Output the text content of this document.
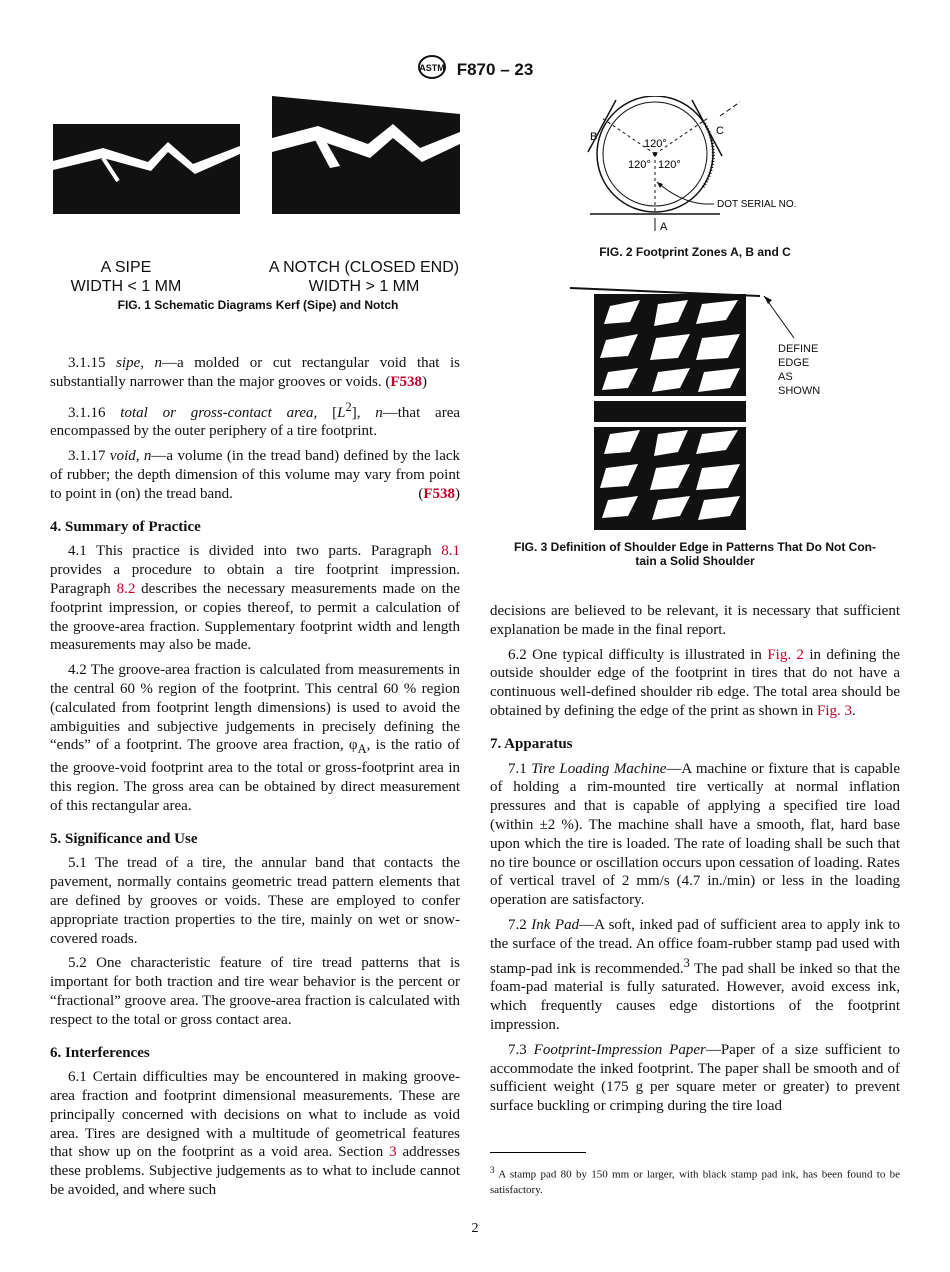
ASTM F870 – 23
A SIPE
WIDTH < 1 MM
A NOTCH (CLOSED END)
WIDTH > 1 MM
FIG. 1 Schematic Diagrams Kerf (Sipe) and Notch
B	C
A
120°
120° 120°
DOT SERIAL NO.
FIG. 2 Footprint Zones A, B and C
DEFINE
EDGE
AS
SHOWN
FIG. 3 Definition of Shoulder Edge in Patterns That Do Not Con-
tain a Solid Shoulder

3.1.15 sipe, n—a molded or cut rectangular void that is substantially narrower than the major grooves or voids. (F538)

3.1.16 total or gross-contact area, $[L^2]$, n—that area encompassed by the outer periphery of a tire footprint.

3.1.17 void, n—a volume (in the tread band) defined by the lack of rubber; the depth dimension of this volume may vary from point to point in (on) the tread band.	(F538)

4. Summary of Practice

4.1 This practice is divided into two parts. Paragraph 8.1 provides a procedure to obtain a tire footprint impression. Paragraph 8.2 describes the necessary measurements made on the footprint impression, or copies thereof, to permit a calculation of the groove-area fraction. Supplementary footprint width and length measurements may also be made.

4.2 The groove-area fraction is calculated from measurements in the central 60 % region of the footprint. This central 60 % region (calculated from footprint length dimensions) is used to avoid the ambiguities and subjective judgements in precisely defining the “ends” of a footprint. The groove area fraction, $\varphi_A$, is the ratio of the groove-void footprint area to the total or gross-footprint area in this region. The gross area can be obtained by direct measurement of this rectangular area.

5. Significance and Use

5.1 The tread of a tire, the annular band that contacts the pavement, normally contains geometric tread pattern elements that are defined by grooves or voids. These are employed to confer appropriate traction properties to the tire, mainly on wet or snow-covered roads.

5.2 One characteristic feature of tire tread patterns that is important for both traction and tire wear behavior is the percent or “fractional” groove area. The groove-area fraction is calculated with respect to the total or gross contact area.

6. Interferences

6.1 Certain difficulties may be encountered in making groove-area fraction and footprint dimensional measurements. These are principally concerned with decisions on what to include as void area. Tires are designed with a multitude of geometrical features that show up on the footprint as a void area. Section 3 addresses these problems. Subjective judgements as to what to include cannot be avoided, and where such

decisions are believed to be relevant, it is necessary that sufficient explanation be made in the final report.

6.2 One typical difficulty is illustrated in Fig. 2 in defining the outside shoulder edge of the footprint in tires that do not have a continuous well-defined shoulder rib edge. The total area should be obtained by defining the edge of the print as shown in Fig. 3.

7. Apparatus

7.1 Tire Loading Machine—A machine or fixture that is capable of holding a rim-mounted tire vertically at normal inflation pressures and that is capable of applying a specified tire load (within ±2 %). The machine shall have a smooth, flat, hard base upon which the tire is loaded. The rate of loading shall be such that no tire bounce or oscillation occurs upon cessation of loading. Rates of vertical travel of 2 mm/s (4.7 in./min) or less in the loading operation are satisfactory.

7.2 Ink Pad—A soft, inked pad of sufficient area to apply ink to the surface of the tread. An office foam-rubber stamp pad used with stamp-pad ink is recommended.$^3$ The pad shall be inked so that the foam-pad material is fully saturated. However, avoid excess ink, which frequently causes edge distortions of the footprint impression.

7.3 Footprint-Impression Paper—Paper of a size sufficient to accommodate the inked footprint. The paper shall be smooth and of sufficient weight (175 g per square meter or greater) to prevent surface buckling or crimping during the tire load

$^3$ A stamp pad 80 by 150 mm or larger, with black stamp pad ink, has been found to be satisfactory.
2
